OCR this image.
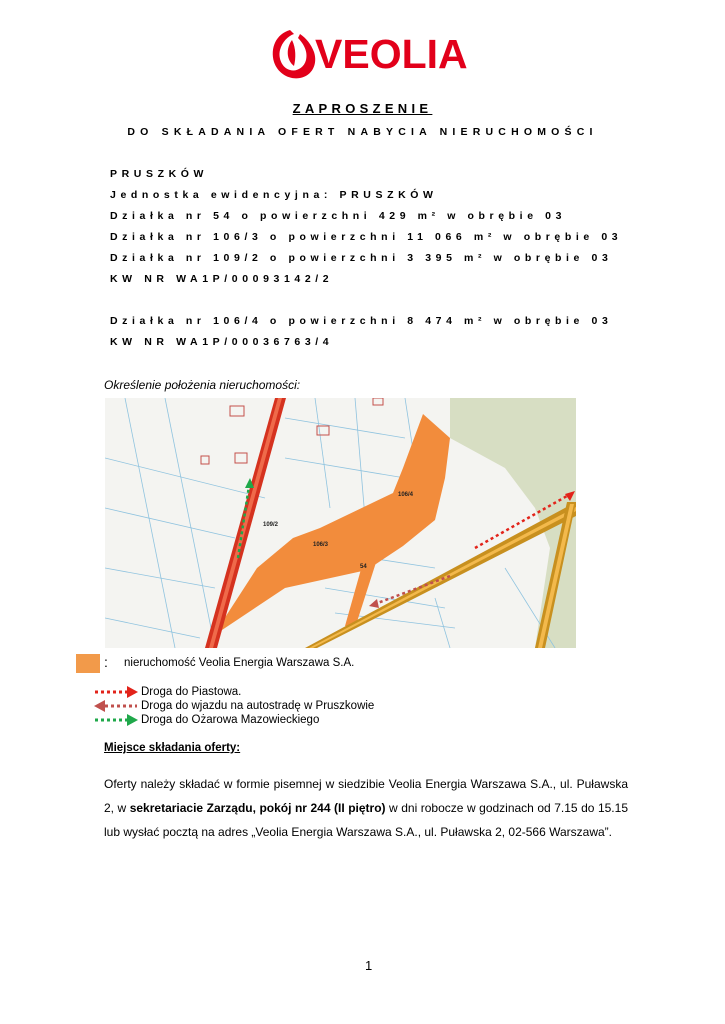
VEOLIA
ZAPROSZENIE
DO SKŁADANIA OFERT NABYCIA NIERUCHOMOŚCI
PRUSZKÓW
Jednostka ewidencyjna: PRUSZKÓW
Działka nr 54 o powierzchni 429 m² w obrębie 03
Działka nr 106/3 o powierzchni 11 066 m² w obrębie 03
Działka nr 109/2 o powierzchni 3 395 m² w obrębie 03
KW NR WA1P/00093142/2
Działka nr 106/4 o powierzchni 8 474 m² w obrębie 03
KW NR WA1P/00036763/4
Określenie położenia nieruchomości:
106/4
109/2
106/3
54
: nieruchomość Veolia Energia Warszawa S.A.
Droga do Piastowa.
Droga do wjazdu na autostradę w Pruszkowie
Droga do Ożarowa Mazowieckiego
Miejsce składania oferty:
Oferty należy składać w formie pisemnej w siedzibie Veolia Energia Warszawa S.A., ul. Puławska 2, w sekretariacie Zarządu, pokój nr 244 (II piętro) w dni robocze w godzinach od 7.15 do 15.15 lub wysłać pocztą na adres „Veolia Energia Warszawa S.A., ul. Puławska 2, 02-566 Warszawa”.
1
